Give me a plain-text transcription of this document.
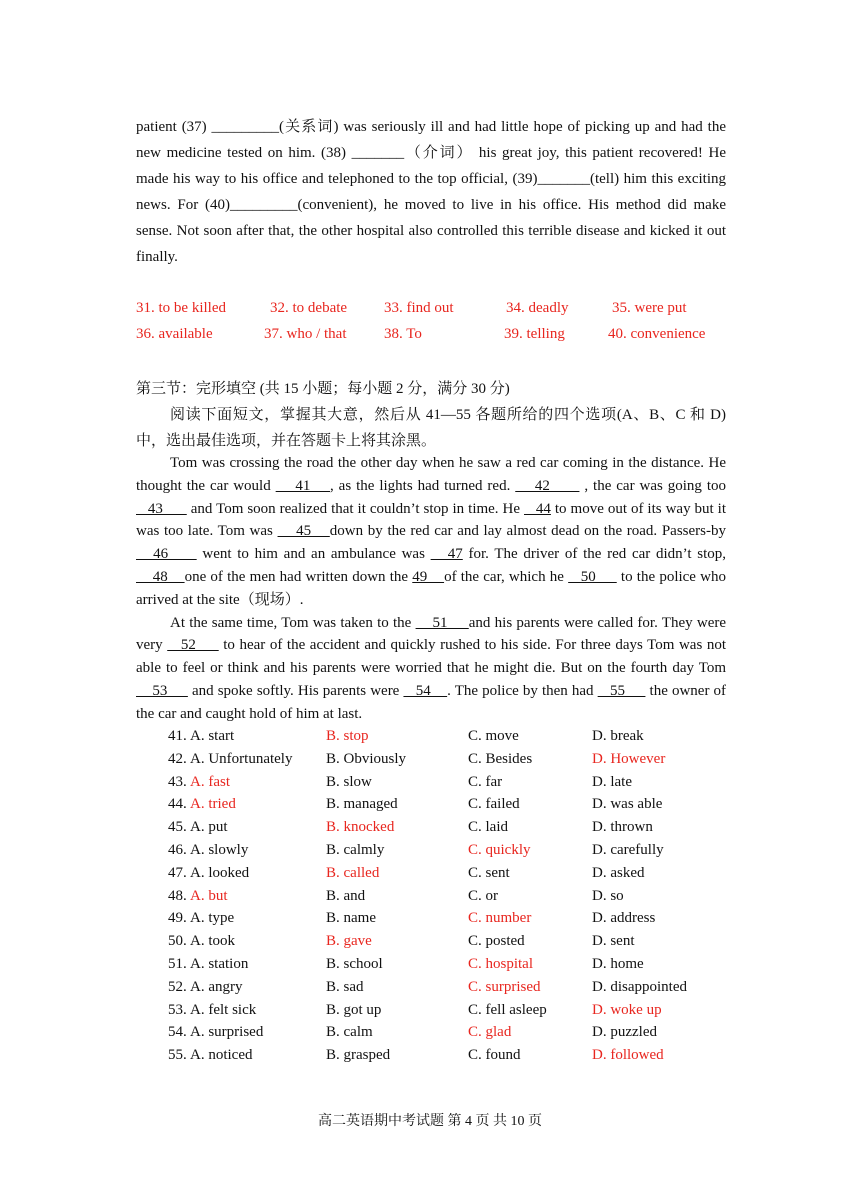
patient (37) _________(关系词) was seriously ill and had little hope of picking up and had the new medicine tested on him. (38) _______（介词） his great joy, this patient recovered! He made his way to his office and telephoned to the top official, (39)_______(tell) him this exciting news. For (40)_________(convenient), he moved to live in his office. His method did make sense. Not soon after that, the other hospital also controlled this terrible disease and kicked it out finally.
31. to be killed	32. to debate 33. find out	34. deadly	35. were put
36. available	37. who / that	38. To	39. telling	40. convenience
第三节：完形填空 (共 15 小题；每小题 2 分，满分 30 分)
阅读下面短文，掌握其大意，然后从 41—55 各题所给的四个选项(A、B、C 和 D)中，选出最佳选项，并在答题卡上将其涂黑。
Tom was crossing the road the other day when he saw a red car coming in the distance. He thought the car would     41    , as the lights had turned red.     42       , the car was going too    43       and Tom soon realized that it couldn’t stop in time. He    44 to move out of its way but it was too late. Tom was     45    down by the red car and lay almost dead on the road. Passers-by    46      went to him and an ambulance was    47 for. The driver of the red car didn’t stop,     48    one of the men had written down the 49    of the car, which he    50      to the police who arrived at the site（现场）.
At the same time, Tom was taken to the     51     and his parents were called for. They were very    52      to hear of the accident and quickly rushed to his side. For three days Tom was not able to feel or think and his parents were worried that he might die. But on the fourth day Tom     53      and spoke softly. His parents were    54    . The police by then had    55      the owner of the car and caught hold of him at last.
41. A. start	B. stop	C. move	D. break
42. A. Unfortunately B. Obviously	C. Besides	D. However
43. A. fast	B. slow	C. far	D. late
44. A. tried	B. managed	C. failed	D. was able
45. A. put	B. knocked	C. laid	D. thrown
46. A. slowly	B. calmly	C. quickly	D. carefully
47. A. looked	B. called	C. sent	D. asked
48. A. but	B. and	C. or	D. so
49. A. type	B. name	C. number	D. address
50. A. took	B. gave	C. posted	D. sent
51. A. station	B. school	C. hospital	D. home
52. A. angry	B. sad	C. surprised	D. disappointed
53. A. felt sick	B. got up	C. fell asleep	D. woke up
54. A. surprised	B. calm	C. glad	D. puzzled
55. A. noticed	B. grasped	C. found	D. followed
高二英语期中考试题 第 4 页 共 10 页
